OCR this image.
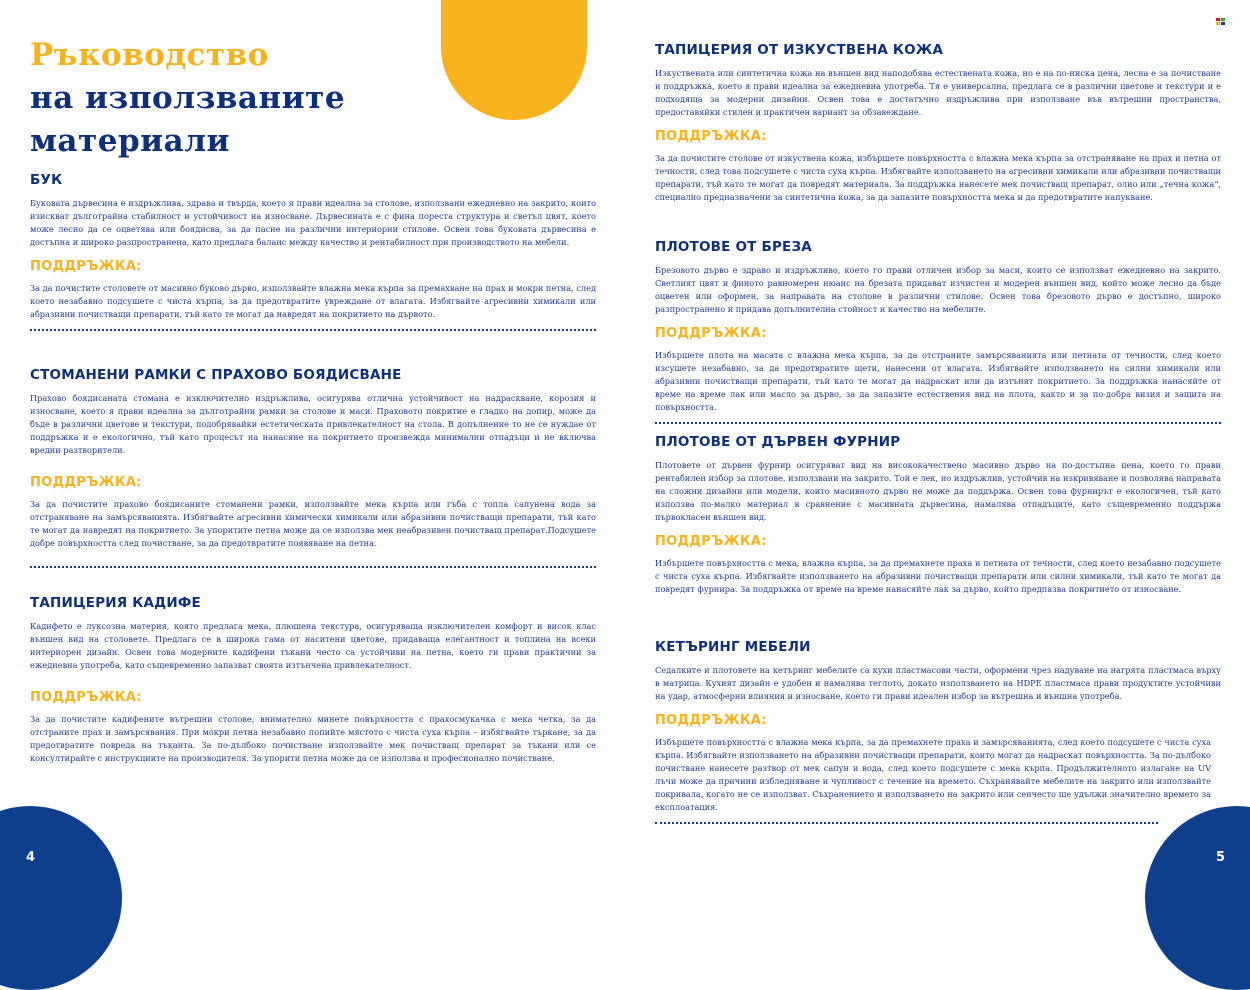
Ръководство
на използваните
материали
БУК

Буковата дървесина е издръжлива, здрава и твърда, което я прави идеална за столове, използвани ежедневно на закрито, които изискват дълготрайна стабилност и устойчивост на износване. Дървесината е с фина пореста структура и светъл цвят, което може лесно да се оцветява или боядисва, за да пасне на различни интериорни стилове. Освен това буковата дървесина е достъпна и широко разпространена, като предлага баланс между качество и рентабилност при производството на мебели.

ПОДДРЪЖКА:

За да почистите столовете от масивно буково дърво, използвайте влажна мека кърпа за премахване на прах и мокри петна, след което незабавно подсушете с чиста кърпа, за да предотвратите увреждане от влагата. Избягвайте агресивни химикали или абразивни почистващи препарати, тъй като те могат да навредят на покритието на дървото.

СТОМАНЕНИ РАМКИ С ПРАХОВО БОЯДИСВАНЕ

Праховo боядисаната стомана е изключително издръжлива, осигурява отлична устойчивост на надраскване, корозия и износване, което я прави идеална за дълготрайни рамки за столове и маси. Праховото покритие е гладко на допир, може да бъде в различни цветове и текстури, подобрявайки естетическата привлекателност на стола. В допълнение то не се нуждае от поддръжка и е екологично, тъй като процесът на нанасяне на покритието произвежда минимални отпадъци и не включва вредни разтворители.

ПОДДРЪЖКА:

За да почистите прахово боядисаните стоманени рамки, използвайте мека кърпа или гъба с топла сапунена вода за отстраняване на замърсяванията. Избягвайте агресивни химически химикали или абразивни почистващи препарати, тъй като те могат да навредят на покритието. За упоритите петна може да се използва мек неабразивен почистващ препарат.Подсушете добре повърхността след почистване, за да предотвратите появяване на петна.

ТАПИЦЕРИЯ КАДИФЕ

Кадифето е луксозна материя, която предлага мека, плюшена текстура, осигуряваща изключителен комфорт и висок клас външен вид на столовете. Предлага се в широка гама от наситени цветове, придаваща елегантност и топлина на всеки интериорен дизайн. Освен това модерните кадифени тъкани често са устойчиви на петна, което ги прави практични за ежедневна употреба, като същевременно запазват своята изтънчена привлекателност.

ПОДДРЪЖКА:

За да почистите кадифените вътрешни столове, внимателно минете повърхността с прахосмукачка с мека четка, за да отстраните прах и замърсявания. При мокри петна незабавно попийте мястото с чиста суха кърпа – избягвайте търкане, за да предотвратите повреда на тъканта. За по-дълбоко почистване използвайте мек почистващ препарат за тъкани или се консултирайте с инструкциите на производителя. За упорити петна може да се използва и професионално почистване.

4
ТАПИЦЕРИЯ ОТ ИЗКУСТВЕНА КОЖА

Изкуствената или синтетична кожа на външен вид наподобява естествената кожа, но е на по-ниска цена, лесна е за почистване и поддръжка, което я прави идеална за ежедневна употреба. Тя е универсална, предлага се в различни цветове и текстури и е подходяща за модерни дизайни. Освен това е достатъчно издръжлива при използване във вътрешни пространства, предоставяйки стилен и практичен вариант за обзавеждане.

ПОДДРЪЖКА:

За да почистите столове от изкуствена кожа, избършете повърхността с влажна мека кърпа за отстраняване на прах и петна от течности, след това подсушете с чиста суха кърпа. Избягвайте използването на агресивни химикали или абразивни почистващи препарати, тъй като те могат да повредят материала. За поддръжка нанесете мек почистващ препарат, олио или „течна кожа“, специално предназначени за синтетична кожа, за да запазите повърхността мека и да предотвратите напукване.

ПЛОТОВЕ ОТ БРЕЗА

Брезовото дърво е здраво и издръжливо, което го прави отличен избор за маси, които се използват ежедневно на закрито. Светлият цвят и финото равномерен нюанс на брезата придават изчистен и модерен външен вид, който може лесно да бъде оцветен или оформен, за направата на столове в различни стилове. Освен това брезовото дърво е достъпно, широко разпространено и придава допълнителна стойност и качество на мебелите.

ПОДДРЪЖКА:

Избършете плота на масата с влажна мека кърпа, за да отстраните замърсяванията или петната от течности, след което изсушете незабавно, за да предотвратите щети, нанесени от влагата. Избягвайте използването на силни химикали или абразивни почистващи препарати, тъй като те могат да надраскат или да изтънят покритието. За поддръжка нанасяйте от време на време лак или масло за дърво, за да запазите естествения вид на плота, както и за по-добра визия и защита на повърхността.

ПЛОТОВЕ ОТ ДЪРВЕН ФУРНИР

Плотовете от дървен фурнир осигуряват вид на висококачествено масивно дърво на по-достъпна цена, което го прави рентабилен избор за плотове, използвани на закрито. Той е лек, но издръжлив, устойчив на изкривяване и позволява направата на сложни дизайни или модели, които масивното дърво не може да поддържа. Освен това фурнирът е екологичен, тъй като използва по-малко материал в сравнение с масивната дървесина, намалява отпадъците, като същевременно поддържа първокласен външен вид.

ПОДДРЪЖКА:

Избършете повърхността с мека, влажна кърпа, за да премахнете праха и петната от течности, след което незабавно подсушете с чиста суха кърпа. Избягвайте използването на абразивни почистващи препарати или силни химикали, тъй като те могат да повредят фурнира. За поддръжка от време на време нанасяйте лак за дърво, който предпазва покритието от износване.

КЕТЪРИНГ МЕБЕЛИ

Седалките и плотовете на кетъринг мебелите са кухи пластмасови части, оформени чрез надуване на нагрята пластмаса върху в матрица. Кухият дизайн е удобен и намалява теглото, докато използването на HDPE пластмаса прави продуктите устойчиви на удар, атмосферни влияния и износване, което ги прави идеален избор за вътрешна и външна употреба.

ПОДДРЪЖКА:

Избършете повърхността с влажна мека кърпа, за да премахнете праха и замърсяванията, след което подсушете с чиста суха кърпа. Избягвайте използването на абразивни почистващи препарати, които могат да надраскат повърхността. За по-дълбоко почистване нанесете разтвор от мек сапун и вода, след което подсушете с мека кърпа. Продължителното излагане на UV лъчи може да причини избледняване и чупливост с течение на времето. Съхранявайте мебелите на закрито или използвайте покривала, когато не се използват. Съхранението и използването на закрито или сенчесто ще удължи значително времето за експлоатация.

5
